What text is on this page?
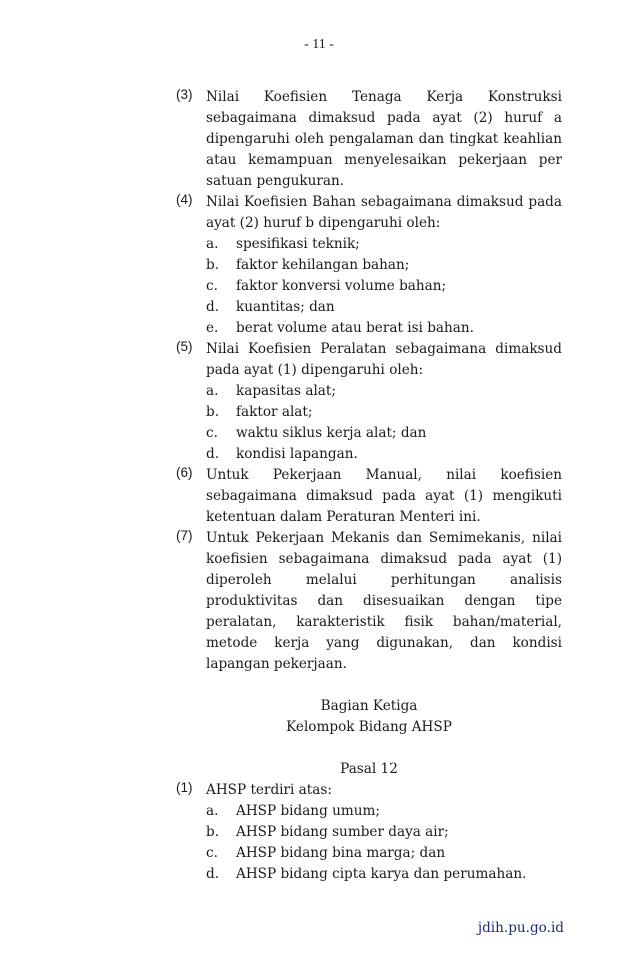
- 11 -
(3) Nilai Koefisien Tenaga Kerja Konstruksi sebagaimana dimaksud pada ayat (2) huruf a dipengaruhi oleh pengalaman dan tingkat keahlian atau kemampuan menyelesaikan pekerjaan per satuan pengukuran.
(4) Nilai Koefisien Bahan sebagaimana dimaksud pada ayat (2) huruf b dipengaruhi oleh:
a. spesifikasi teknik;
b. faktor kehilangan bahan;
c. faktor konversi volume bahan;
d. kuantitas; dan
e. berat volume atau berat isi bahan.
(5) Nilai Koefisien Peralatan sebagaimana dimaksud pada ayat (1) dipengaruhi oleh:
a. kapasitas alat;
b. faktor alat;
c. waktu siklus kerja alat; dan
d. kondisi lapangan.
(6) Untuk Pekerjaan Manual, nilai koefisien sebagaimana dimaksud pada ayat (1) mengikuti ketentuan dalam Peraturan Menteri ini.
(7) Untuk Pekerjaan Mekanis dan Semimekanis, nilai koefisien sebagaimana dimaksud pada ayat (1) diperoleh melalui perhitungan analisis produktivitas dan disesuaikan dengan tipe peralatan, karakteristik fisik bahan/material, metode kerja yang digunakan, dan kondisi lapangan pekerjaan.
Bagian Ketiga
Kelompok Bidang AHSP
Pasal 12
(1) AHSP terdiri atas:
a. AHSP bidang umum;
b. AHSP bidang sumber daya air;
c. AHSP bidang bina marga; dan
d. AHSP bidang cipta karya dan perumahan.
jdih.pu.go.id
